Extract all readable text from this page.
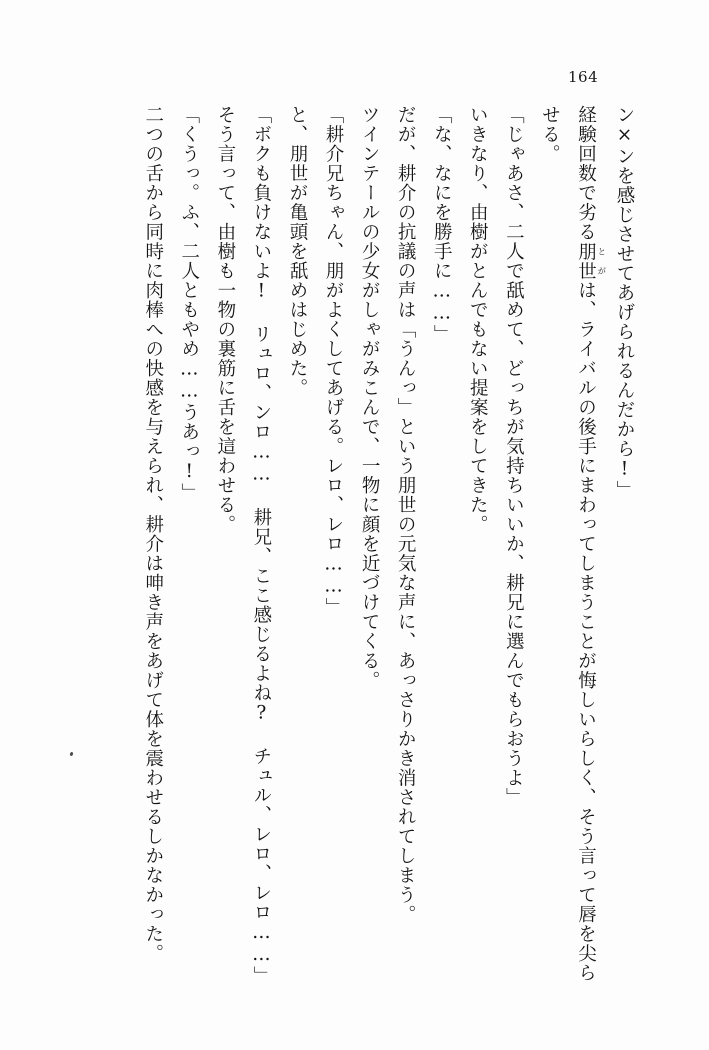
164

ン×ンを感じさせてあげられるんだから!」

経験回数で劣る朋世 とがは、ライバルの後手にまわってしまうことが悔しいらしく、そう言って唇を尖らせる。

「じゃあさ、二人で舐めて、どっちが気持ちいいか、耕兄に選んでもらおうよ」

いきなり、由樹がとんでもない提案をしてきた。

「な、なにを勝手に……」

だが、耕介の抗議の声は「うんっ」という朋世の元気な声に、あっさりかき消されてしまう。

ツインテールの少女がしゃがみこんで、一物に顔を近づけてくる。

「耕介兄ちゃん、朋がよくしてあげる。レロ、レロ……」

と、朋世が亀頭を舐めはじめた。

「ボクも負けないよ! リュロ、ンロ…… 耕兄、ここ感じるよね? チュル、レロ、レロ……」

そう言って、由樹も一物の裏筋に舌を這わせる。

「くうっ。ふ、二人ともやめ……うあっ!」

二つの舌から同時に肉棒への快感を与えられ、耕介は呻き声をあげて体を震わせるしかなかった。
